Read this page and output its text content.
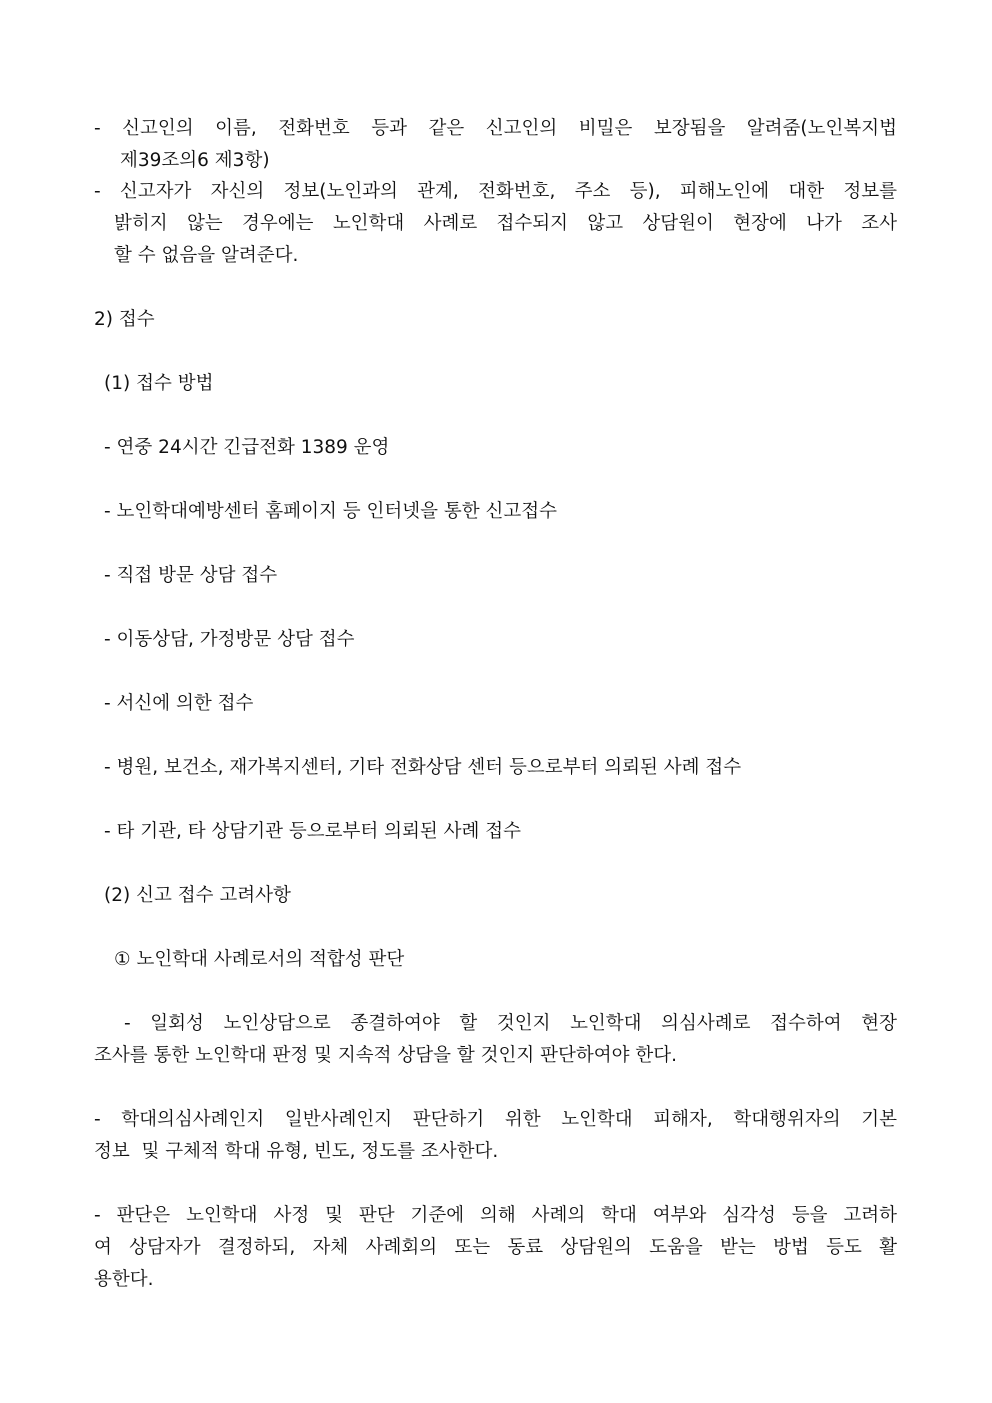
- 신고인의 이름, 전화번호 등과 같은 신고인의 비밀은 보장됨을 알려줌(노인복지법
제39조의6 제3항)
- 신고자가 자신의 정보(노인과의 관계, 전화번호, 주소 등), 피해노인에 대한 정보를
밝히지 않는 경우에는 노인학대 사례로 접수되지 않고 상담원이 현장에 나가 조사
할 수 없음을 알려준다.
2) 접수
(1) 접수 방법
- 연중 24시간 긴급전화 1389 운영
- 노인학대예방센터 홈페이지 등 인터넷을 통한 신고접수
- 직접 방문 상담 접수
- 이동상담, 가정방문 상담 접수
- 서신에 의한 접수
- 병원, 보건소, 재가복지센터, 기타 전화상담 센터 등으로부터 의뢰된 사례 접수
- 타 기관, 타 상담기관 등으로부터 의뢰된 사례 접수
(2) 신고 접수 고려사항
① 노인학대 사례로서의 적합성 판단
- 일회성 노인상담으로 종결하여야 할 것인지 노인학대 의심사례로 접수하여 현장
조사를 통한 노인학대 판정 및 지속적 상담을 할 것인지 판단하여야 한다.
- 학대의심사례인지 일반사례인지 판단하기 위한 노인학대 피해자, 학대행위자의 기본
정보  및 구체적 학대 유형, 빈도, 정도를 조사한다.
- 판단은 노인학대 사정 및 판단 기준에 의해 사례의 학대 여부와 심각성 등을 고려하
여 상담자가 결정하되, 자체 사례회의 또는 동료 상담원의 도움을 받는 방법 등도 활
용한다.
